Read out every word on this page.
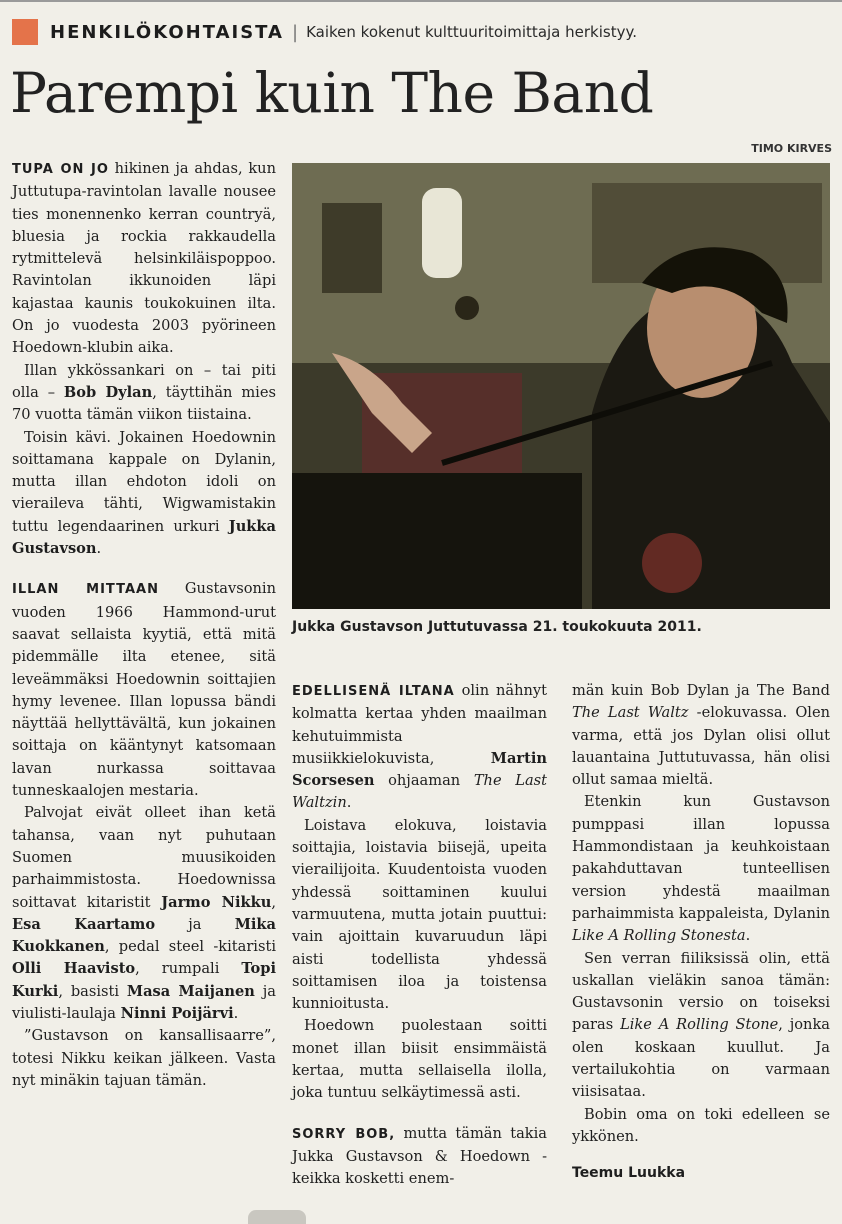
HENKILÖKOHTAISTA | Kaiken kokenut kulttuuritoimittaja herkistyy.
Parempi kuin The Band
TIMO KIRVES
Jukka Gustavson Juttutuvassa 21. toukokuuta 2011.

TUPA ON JO hikinen ja ahdas, kun Juttutupa-ravintolan lavalle nousee ties monennenko kerran countryä, bluesia ja rockia rakkaudella rytmittelevä helsinkiläispoppoo. Ravintolan ikkunoiden läpi kajastaa kaunis toukokuinen ilta. On jo vuodesta 2003 pyörineen Hoedown-klubin aika.

Illan ykkössankari on – tai piti olla – Bob Dylan, täyttihän mies 70 vuotta tämän viikon tiistaina.

Toisin kävi. Jokainen Hoedownin soittamana kappale on Dylanin, mutta illan ehdoton idoli on vieraileva tähti, Wigwamistakin tuttu legendaarinen urkuri Jukka Gustavson.

ILLAN MITTAAN Gustavsonin vuoden 1966 Hammond-urut saavat sellaista kyytiä, että mitä pidemmälle ilta etenee, sitä leveämmäksi Hoedownin soittajien hymy levenee. Illan lopussa bändi näyttää hellyttävältä, kun jokainen soittaja on kääntynyt katsomaan lavan nurkassa soittavaa tunneskaalojen mestaria.

Palvojat eivät olleet ihan ketä tahansa, vaan nyt puhutaan Suomen muusikoiden parhaimmistosta. Hoedownissa soittavat kitaristit Jarmo Nikku, Esa Kaartamo ja Mika Kuokkanen, pedal steel -kitaristi Olli Haavisto, rumpali Topi Kurki, basisti Masa Maijanen ja viulisti-laulaja Ninni Poijärvi.

”Gustavson on kansallisaarre”, totesi Nikku keikan jälkeen. Vasta nyt minäkin tajuan tämän.

EDELLISENÄ ILTANA olin nähnyt kolmatta kertaa yhden maailman kehutuimmista musiikkielokuvista, Martin Scorsesen ohjaaman The Last Waltzin.

Loistava elokuva, loistavia soittajia, loistavia biisejä, upeita vierailijoita. Kuudentoista vuoden yhdessä soittaminen kuului varmuutena, mutta jotain puuttui: vain ajoittain kuvaruudun läpi aisti todellista yhdessä soittamisen iloa ja toistensa kunnioitusta.

Hoedown puolestaan soitti monet illan biisit ensimmäistä kertaa, mutta sellaisella ilolla, joka tuntuu selkäytimessä asti.

SORRY BOB, mutta tämän takia Jukka Gustavson & Hoedown -keikka kosketti enem-

män kuin Bob Dylan ja The Band The Last Waltz -elokuvassa. Olen varma, että jos Dylan olisi ollut lauantaina Juttutuvassa, hän olisi ollut samaa mieltä.

Etenkin kun Gustavson pumppasi illan lopussa Hammondistaan ja keuhkoistaan pakahduttavan tunteellisen version yhdestä maailman parhaimmista kappaleista, Dylanin Like A Rolling Stonesta.

Sen verran fiiliksissä olin, että uskallan vieläkin sanoa tämän: Gustavsonin versio on toiseksi paras Like A Rolling Stone, jonka olen koskaan kuullut. Ja vertailukohtia on varmaan viisisataa.

Bobin oma on toki edelleen se ykkönen.

Teemu Luukka
